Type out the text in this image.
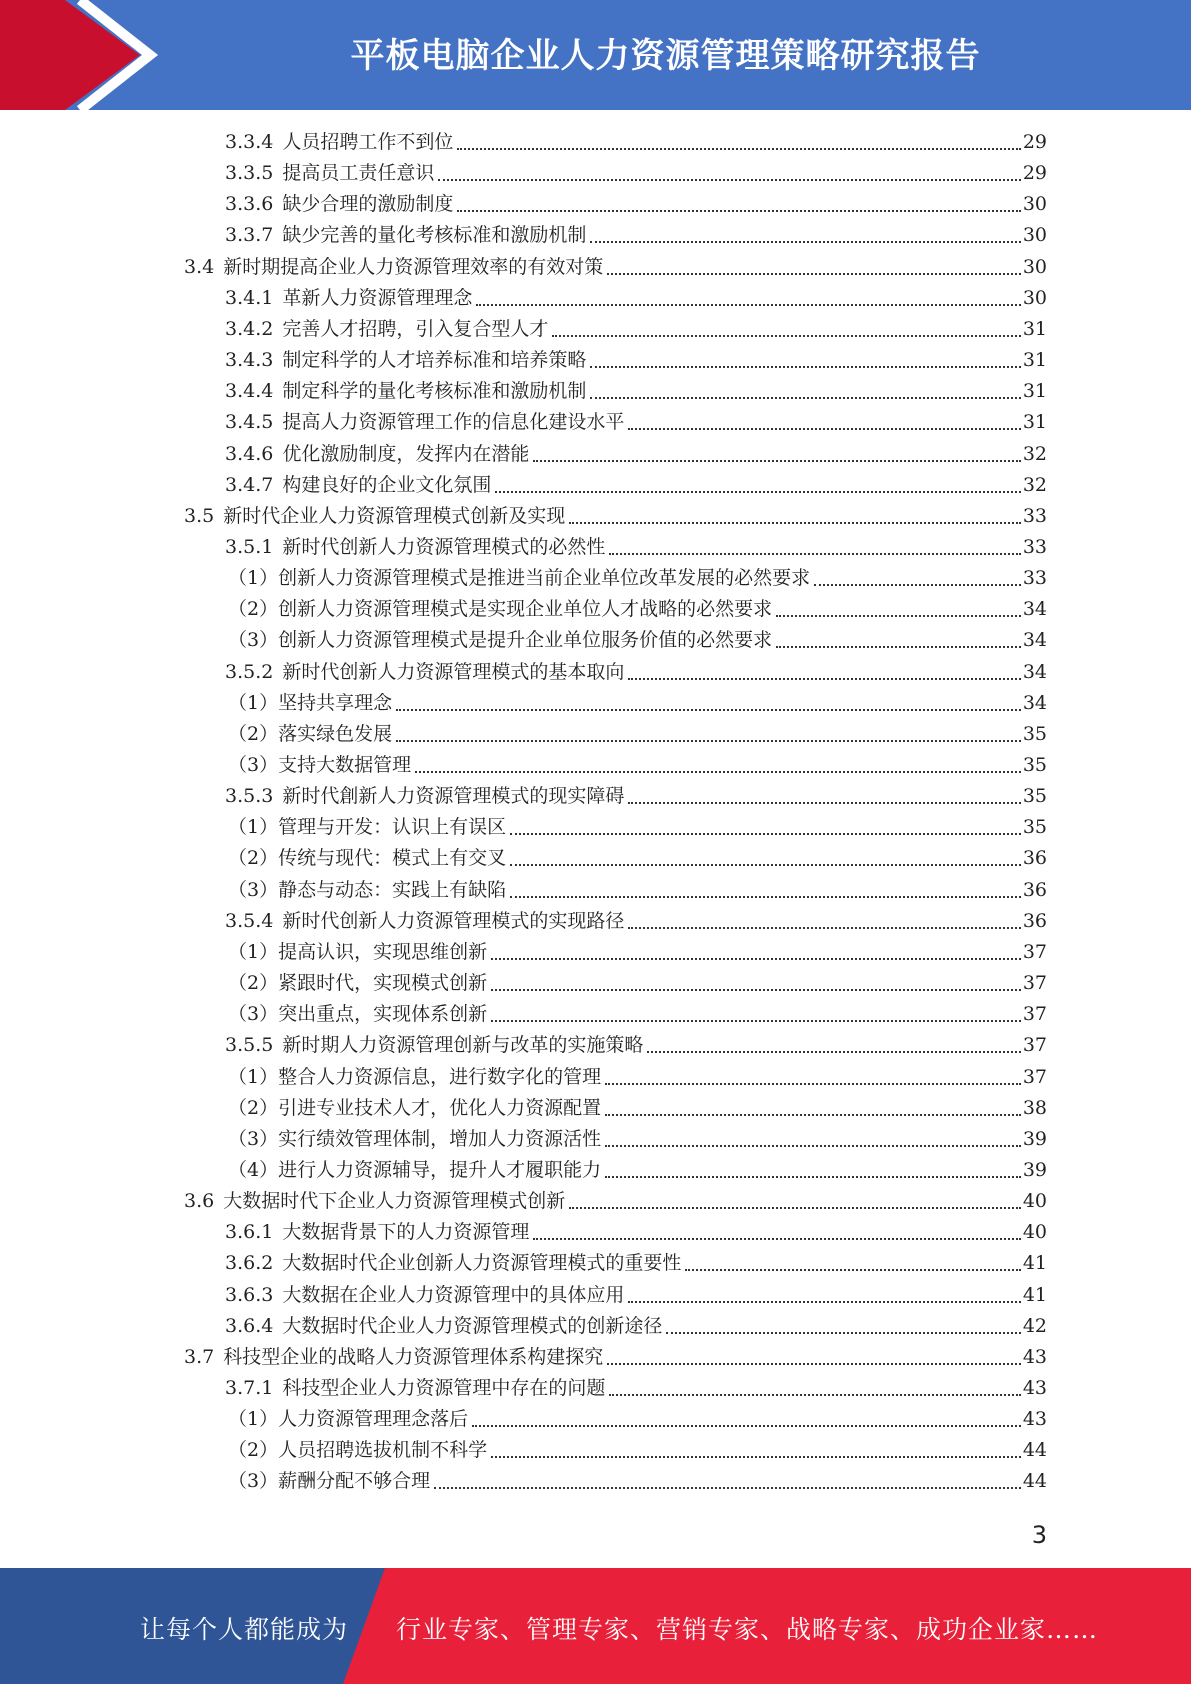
平板电脑企业人力资源管理策略研究报告
3.3.4 人员招聘工作不到位	29
3.3.5 提高员工责任意识	29
3.3.6 缺少合理的激励制度	30
3.3.7 缺少完善的量化考核标准和激励机制	30
3.4 新时期提高企业人力资源管理效率的有效对策	30
3.4.1 革新人力资源管理理念	30
3.4.2 完善人才招聘，引入复合型人才	31
3.4.3 制定科学的人才培养标准和培养策略	31
3.4.4 制定科学的量化考核标准和激励机制	31
3.4.5 提高人力资源管理工作的信息化建设水平	31
3.4.6 优化激励制度，发挥内在潜能	32
3.4.7 构建良好的企业文化氛围	32
3.5 新时代企业人力资源管理模式创新及实现	33
3.5.1 新时代创新人力资源管理模式的必然性	33
（1）创新人力资源管理模式是推进当前企业单位改革发展的必然要求	33
（2）创新人力资源管理模式是实现企业单位人才战略的必然要求	34
（3）创新人力资源管理模式是提升企业单位服务价值的必然要求	34
3.5.2 新时代创新人力资源管理模式的基本取向	34
（1）坚持共享理念	34
（2）落实绿色发展	35
（3）支持大数据管理	35
3.5.3 新时代創新人力资源管理模式的现实障碍	35
（1）管理与开发：认识上有误区	35
（2）传统与现代：模式上有交叉	36
（3）静态与动态：实践上有缺陷	36
3.5.4 新时代创新人力资源管理模式的实现路径	36
（1）提高认识，实现思维创新	37
（2）紧跟时代，实现模式创新	37
（3）突出重点，实现体系创新	37
3.5.5 新时期人力资源管理创新与改革的实施策略	37
（1）整合人力资源信息，进行数字化的管理	37
（2）引进专业技术人才，优化人力资源配置	38
（3）实行绩效管理体制，增加人力资源活性	39
（4）进行人力资源辅导，提升人才履职能力	39
3.6 大数据时代下企业人力资源管理模式创新	40
3.6.1 大数据背景下的人力资源管理	40
3.6.2 大数据时代企业创新人力资源管理模式的重要性	41
3.6.3 大数据在企业人力资源管理中的具体应用	41
3.6.4 大数据时代企业人力资源管理模式的创新途径	42
3.7 科技型企业的战略人力资源管理体系构建探究	43
3.7.1 科技型企业人力资源管理中存在的问题	43
（1）人力资源管理理念落后	43
（2）人员招聘选拔机制不科学	44
（3）薪酬分配不够合理	44
3
让每个人都能成为 行业专家、管理专家、营销专家、战略专家、成功企业家……
